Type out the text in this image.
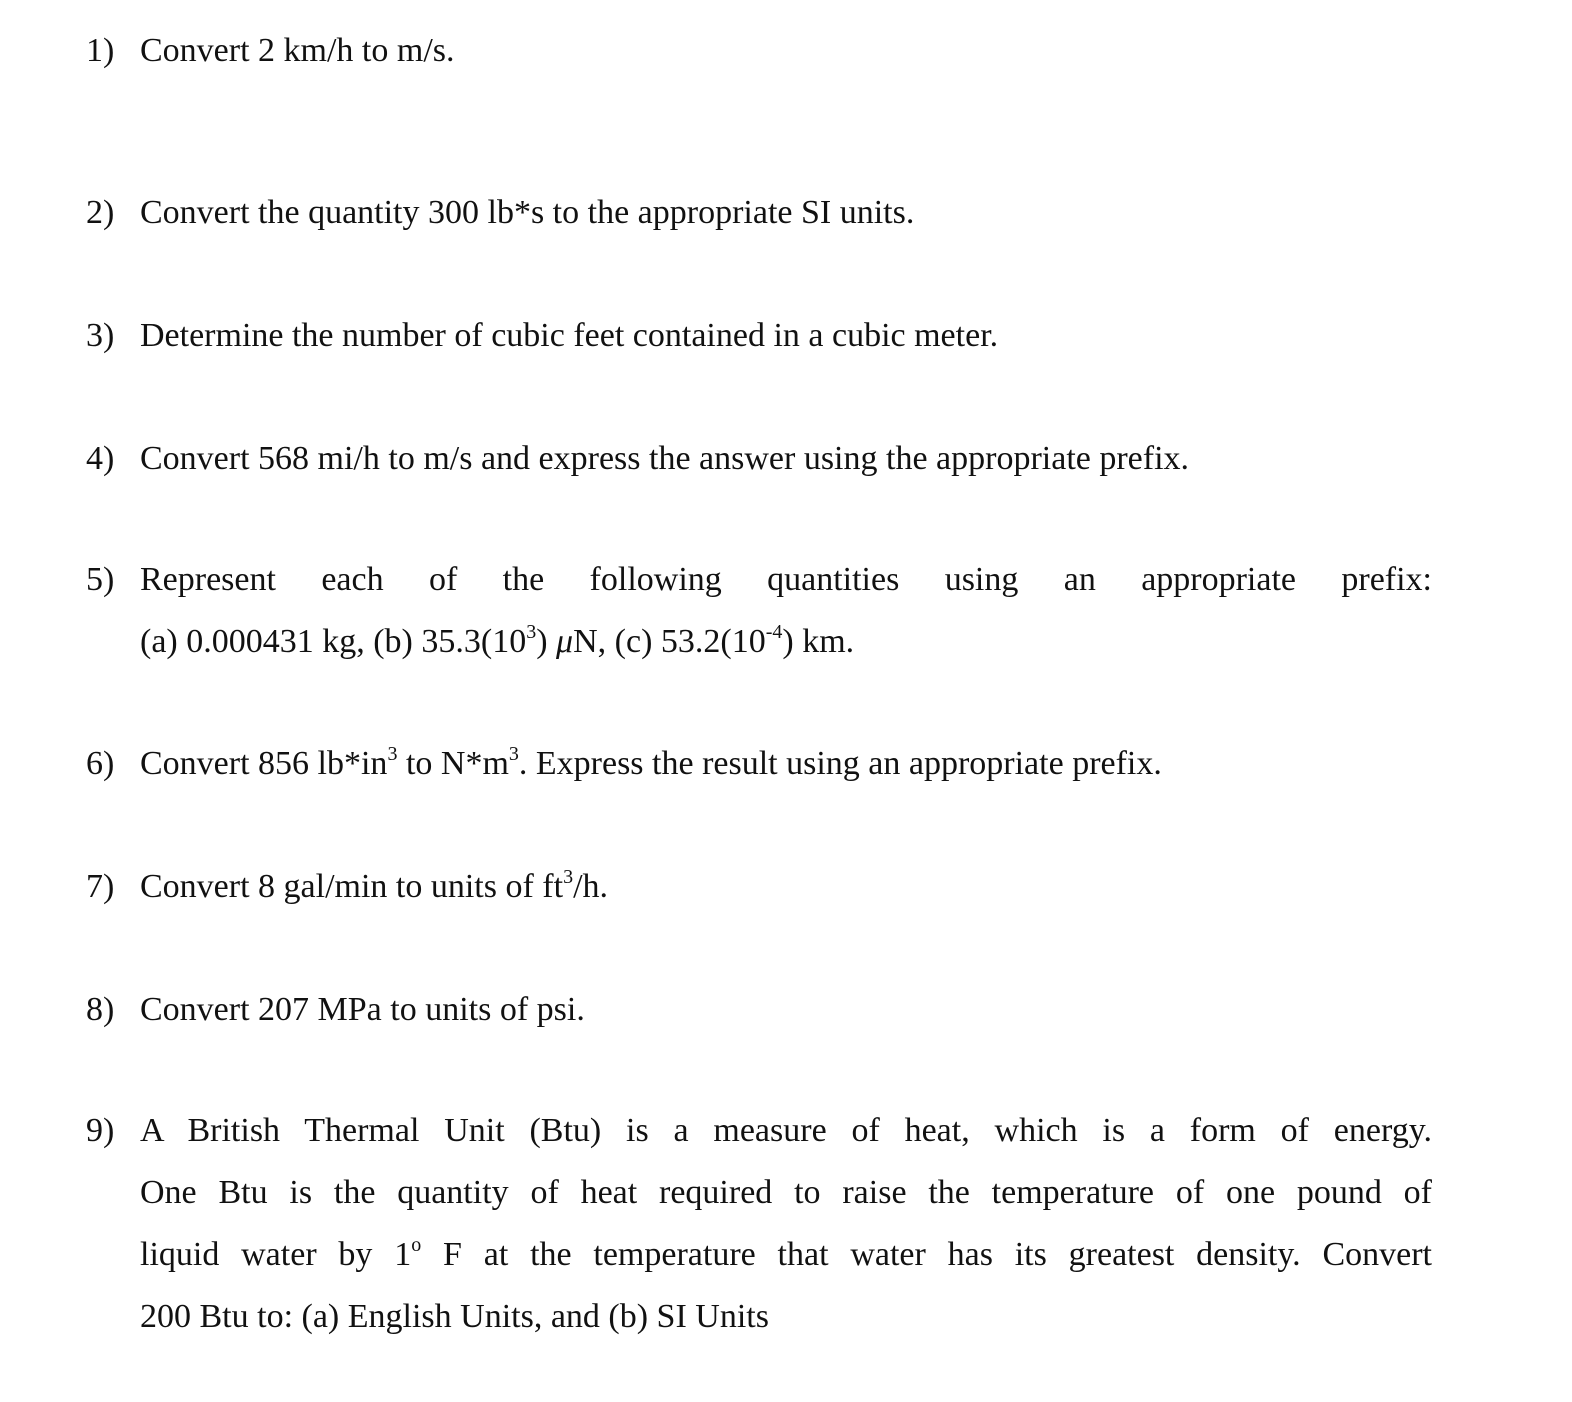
1) Convert 2 km/h to m/s.
2) Convert the quantity 300 lb*s to the appropriate SI units.
3) Determine the number of cubic feet contained in a cubic meter.
4) Convert 568 mi/h to m/s and express the answer using the appropriate prefix.
5) Represent each of the following quantities using an appropriate prefix:
(a) 0.000431 kg, (b) $35.3(10^3)$ μN, (c) $53.2(10^{-4})$ km.
6) Convert 856 $lb*in^3$ to $N*m^3$. Express the result using an appropriate prefix.
7) Convert 8 gal/min to units of $ft^3/h$.
8) Convert 207 MPa to units of psi.
9) A British Thermal Unit (Btu) is a measure of heat, which is a form of energy.
One Btu is the quantity of heat required to raise the temperature of one pound of
liquid water by 1$^o$ F at the temperature that water has its greatest density. Convert
200 Btu to: (a) English Units, and (b) SI Units
